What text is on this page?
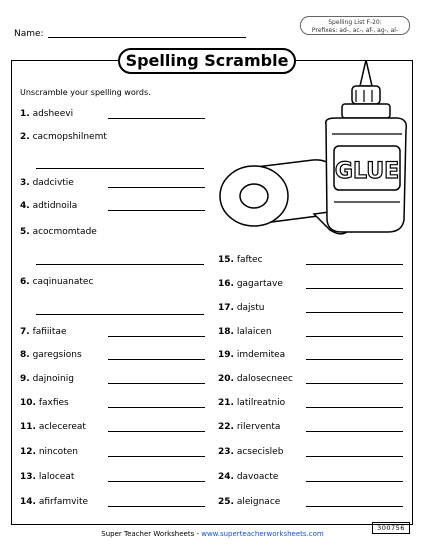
Name:
Spelling List F-20:
Prefixes: ad-, ac-, af-, ag-, al-
Spelling Scramble
Unscramble your spelling words.
GLUE
1. adsheevi
2. cacmopshilnemt
3. dadcivtie
4. adtidnoila
5. acocmomtade
6. caqinuanatec
7. fafiiitae
8. garegsions
9. dajnoinig
10. faxfies
11. aclecereat
12. nincoten
13. laloceat
14. afirfamvite
15. faftec
16. gagartave
17. dajstu
18. lalaicen
19. imdemitea
20. dalosecneec
21. latilreatnio
22. rilerventa
23. acsecisleb
24. davoacte
25. aleignace
Super Teacher Worksheets - www.superteacherworksheets.com
300756
